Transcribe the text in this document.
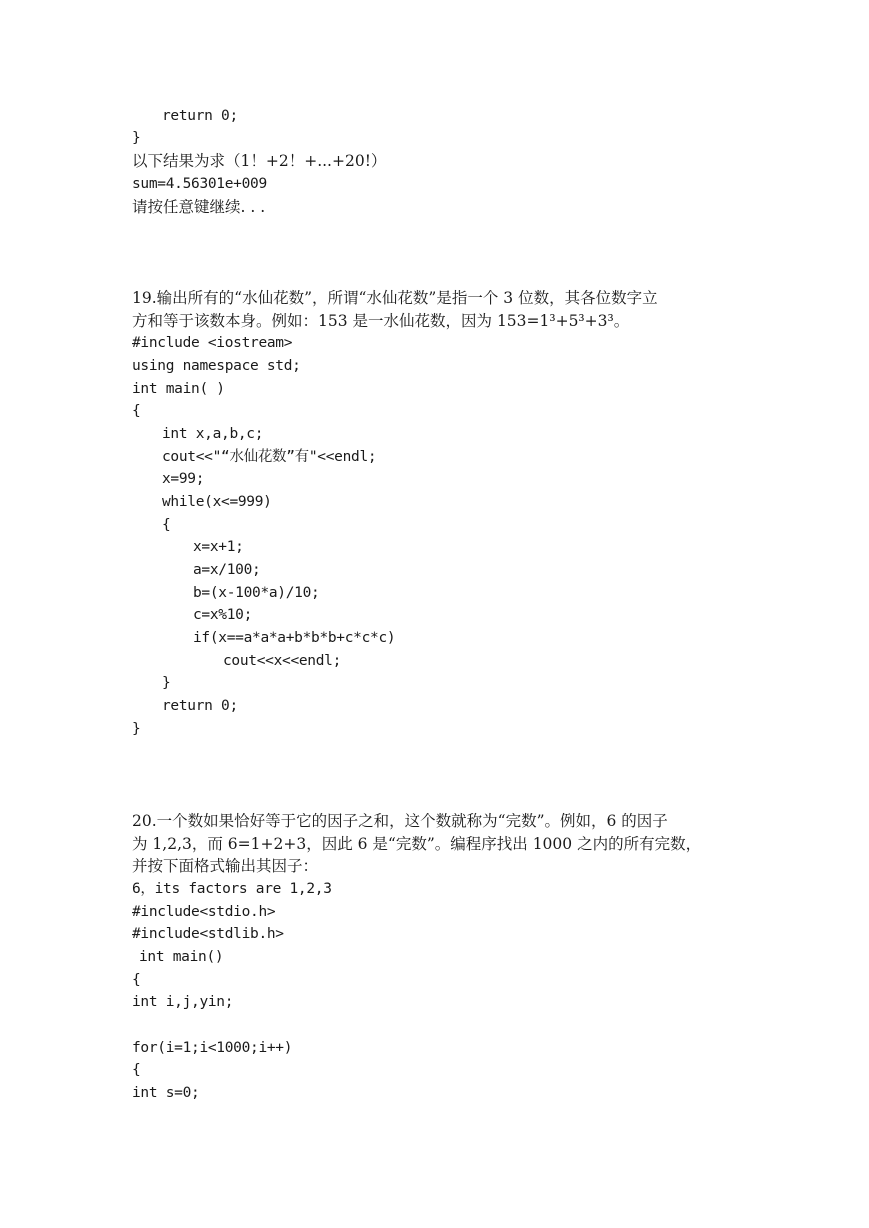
return 0;
}
以下结果为求（1！+2！+...+20!）
sum=4.56301e+009
请按任意键继续. . .
19.输出所有的“水仙花数”，所谓“水仙花数”是指一个 3 位数，其各位数字立
方和等于该数本身。例如：153 是一水仙花数，因为 153=1³+5³+3³。
#include <iostream>
using namespace std;
int main( )
{
int x,a,b,c;
cout<<"“水仙花数”有"<<endl;
x=99;
while(x<=999)
{
x=x+1;
a=x/100;
b=(x-100*a)/10;
c=x%10;
if(x==a*a*a+b*b*b+c*c*c)
cout<<x<<endl;
}
return 0;
}
20.一个数如果恰好等于它的因子之和，这个数就称为“完数”。例如，6 的因子
为 1,2,3，而 6=1+2+3，因此 6 是“完数”。编程序找出 1000 之内的所有完数，
并按下面格式输出其因子：
6，its factors are 1,2,3
#include<stdio.h>
#include<stdlib.h>
int main()
{
int i,j,yin;
for(i=1;i<1000;i++)
{
int s=0;
